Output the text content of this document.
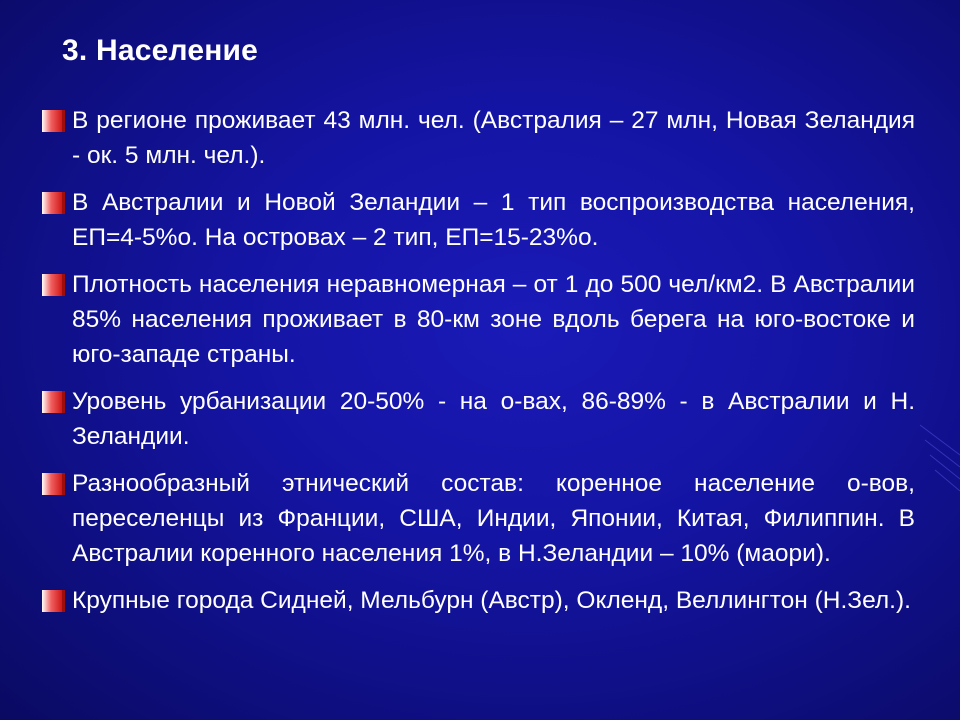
3. Население
В регионе проживает 43 млн. чел. (Австралия – 27 млн, Новая Зеландия - ок. 5 млн. чел.).
В Австралии и Новой Зеландии – 1 тип воспроизводства населения, ЕП=4-5%о. На островах – 2 тип, ЕП=15-23%о.
Плотность населения неравномерная – от 1 до 500 чел/км2. В Австралии 85% населения проживает в 80-км зоне вдоль берега на юго-востоке и юго-западе страны.
Уровень урбанизации 20-50% - на о-вах, 86-89% - в Австралии и Н. Зеландии.
Разнообразный этнический состав: коренное население о-вов, переселенцы из Франции, США, Индии, Японии, Китая, Филиппин. В Австралии коренного населения 1%, в Н.Зеландии – 10% (маори).
Крупные города Сидней, Мельбурн (Австр), Окленд, Веллингтон (Н.Зел.).
